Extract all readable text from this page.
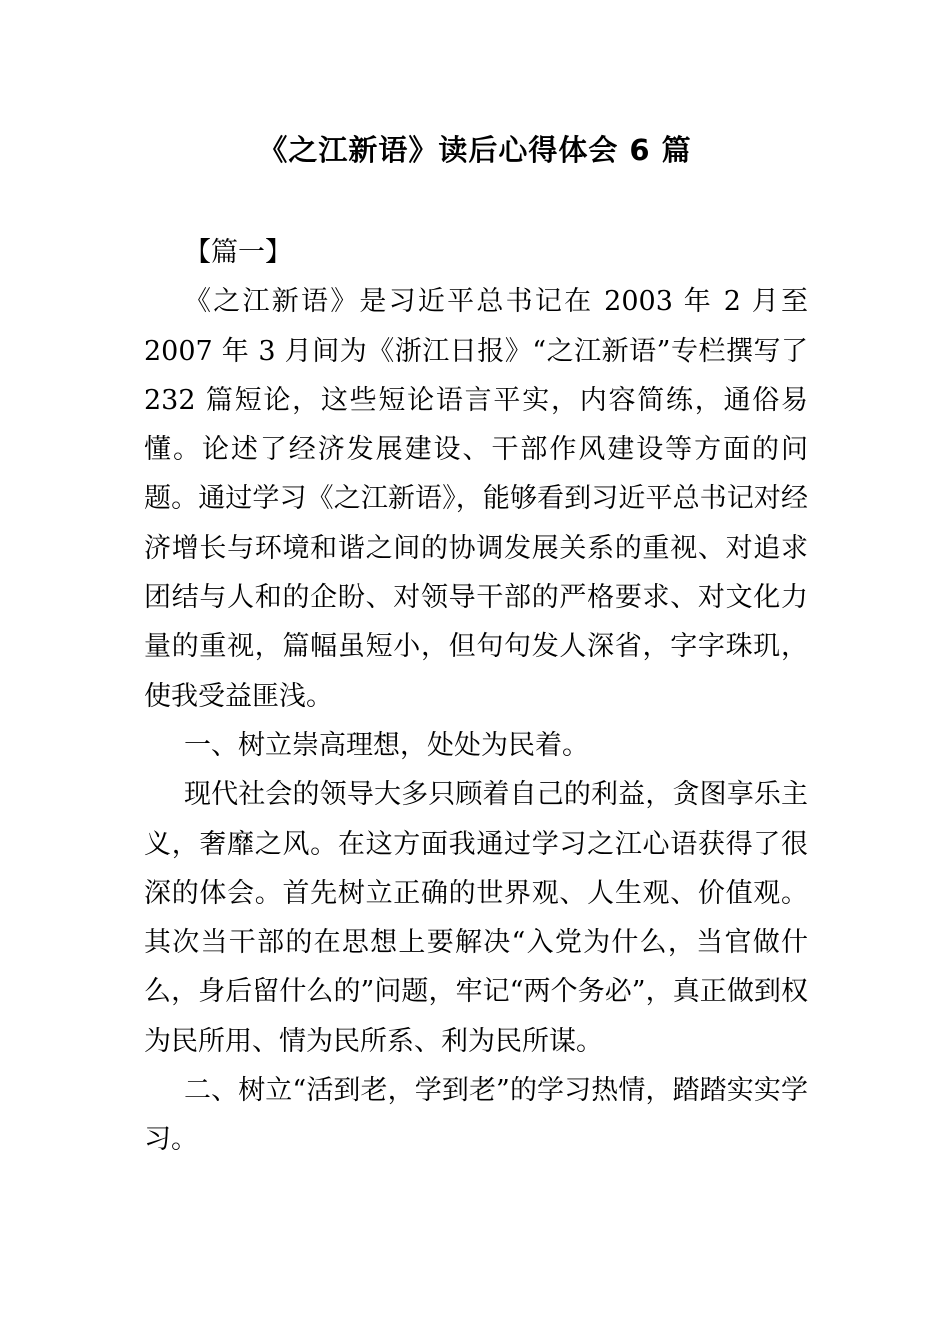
《之江新语》读后心得体会 6 篇

【篇一】

《之江新语》是习近平总书记在 2003 年 2 月至 2007 年 3 月间为《浙江日报》“之江新语”专栏撰写了 232 篇短论，这些短论语言平实，内容简练，通俗易懂。论述了经济发展建设、干部作风建设等方面的问题。通过学习《之江新语》，能够看到习近平总书记对经济增长与环境和谐之间的协调发展关系的重视、对追求团结与人和的企盼、对领导干部的严格要求、对文化力量的重视，篇幅虽短小，但句句发人深省，字字珠玑，使我受益匪浅。

一、树立崇高理想，处处为民着。

现代社会的领导大多只顾着自己的利益，贪图享乐主义，奢靡之风。在这方面我通过学习之江心语获得了很深的体会。首先树立正确的世界观、人生观、价值观。其次当干部的在思想上要解决“入党为什么，当官做什么，身后留什么的”问题，牢记“两个务必”，真正做到权为民所用、情为民所系、利为民所谋。

二、树立“活到老，学到老”的学习热情，踏踏实实学习。
